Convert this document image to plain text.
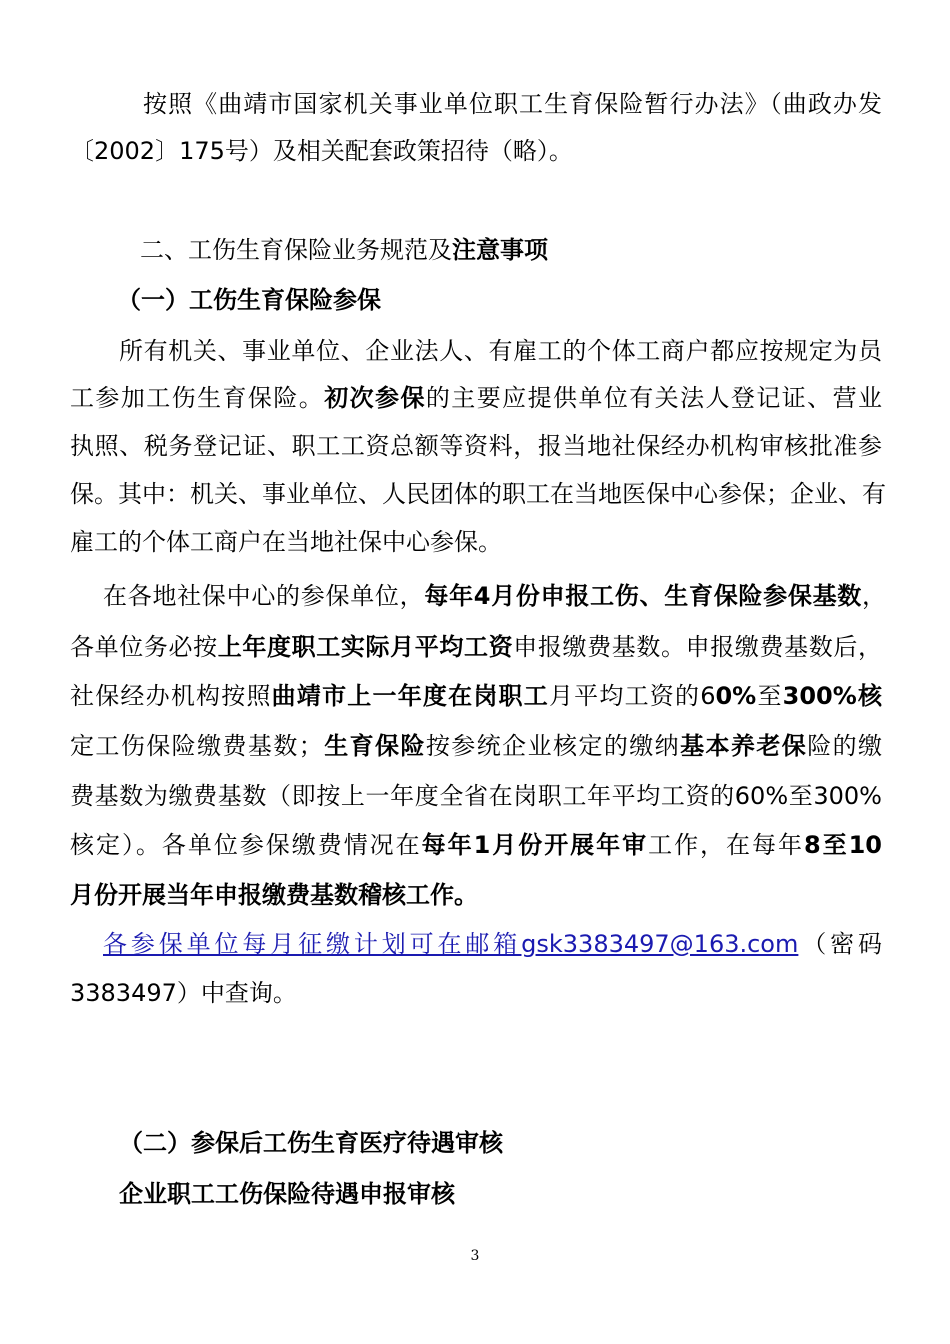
按照《曲靖市国家机关事业单位职工生育保险暂行办法》（曲政办发
〔2002〕175号）及相关配套政策招待（略）。
二、工伤生育保险业务规范及注意事项
（一）工伤生育保险参保
所有机关、事业单位、企业法人、有雇工的个体工商户都应按规定为员
工参加工伤生育保险。初次参保的主要应提供单位有关法人登记证、营业
执照、税务登记证、职工工资总额等资料，报当地社保经办机构审核批准参
保。其中：机关、事业单位、人民团体的职工在当地医保中心参保；企业、有
雇工的个体工商户在当地社保中心参保。
在各地社保中心的参保单位，每年4月份申报工伤、生育保险参保基数，
各单位务必按上年度职工实际月平均工资申报缴费基数。申报缴费基数后，
社保经办机构按照曲靖市上一年度在岗职工月平均工资的60%至300%核
定工伤保险缴费基数；生育保险按参统企业核定的缴纳基本养老保险的缴
费基数为缴费基数（即按上一年度全省在岗职工年平均工资的60%至300%
核定）。各单位参保缴费情况在每年1月份开展年审工作，在每年8至10
月份开展当年申报缴费基数稽核工作。
各参保单位每月征缴计划可在邮箱gsk3383497@163.com（密码
3383497）中查询。
（二）参保后工伤生育医疗待遇审核
企业职工工伤保险待遇申报审核
3
